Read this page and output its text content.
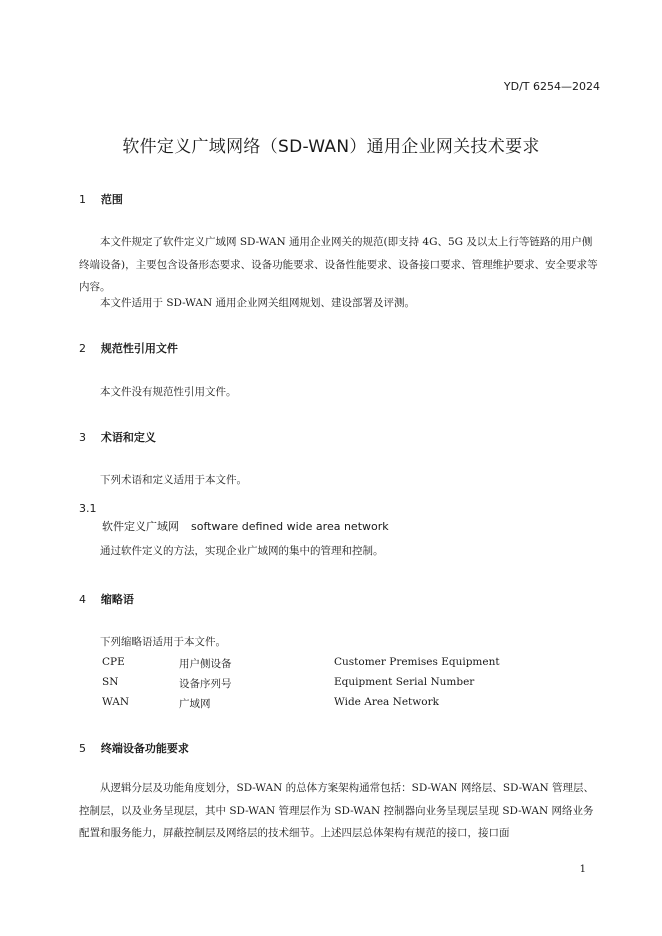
YD/T 6254—2024
软件定义广域网络（SD-WAN）通用企业网关技术要求
1 范围
本文件规定了软件定义广域网 SD-WAN 通用企业网关的规范(即支持 4G、5G 及以太上行等链路的用户侧终端设备)，主要包含设备形态要求、设备功能要求、设备性能要求、设备接口要求、管理维护要求、安全要求等内容。
本文件适用于 SD-WAN 通用企业网关组网规划、建设部署及评测。
2 规范性引用文件
本文件没有规范性引用文件。
3 术语和定义
下列术语和定义适用于本文件。
3.1
软件定义广域网 software defined wide area network
通过软件定义的方法，实现企业广域网的集中的管理和控制。
4 缩略语
下列缩略语适用于本文件。
CPE	用户侧设备	Customer Premises Equipment
SN	设备序列号	Equipment Serial Number
WAN	广域网	Wide Area Network
5 终端设备功能要求
从逻辑分层及功能角度划分，SD-WAN 的总体方案架构通常包括：SD-WAN 网络层、SD-WAN 管理层、控制层，以及业务呈现层，其中 SD-WAN 管理层作为 SD-WAN 控制器向业务呈现层呈现 SD-WAN 网络业务配置和服务能力，屏蔽控制层及网络层的技术细节。上述四层总体架构有规范的接口，接口面
1
